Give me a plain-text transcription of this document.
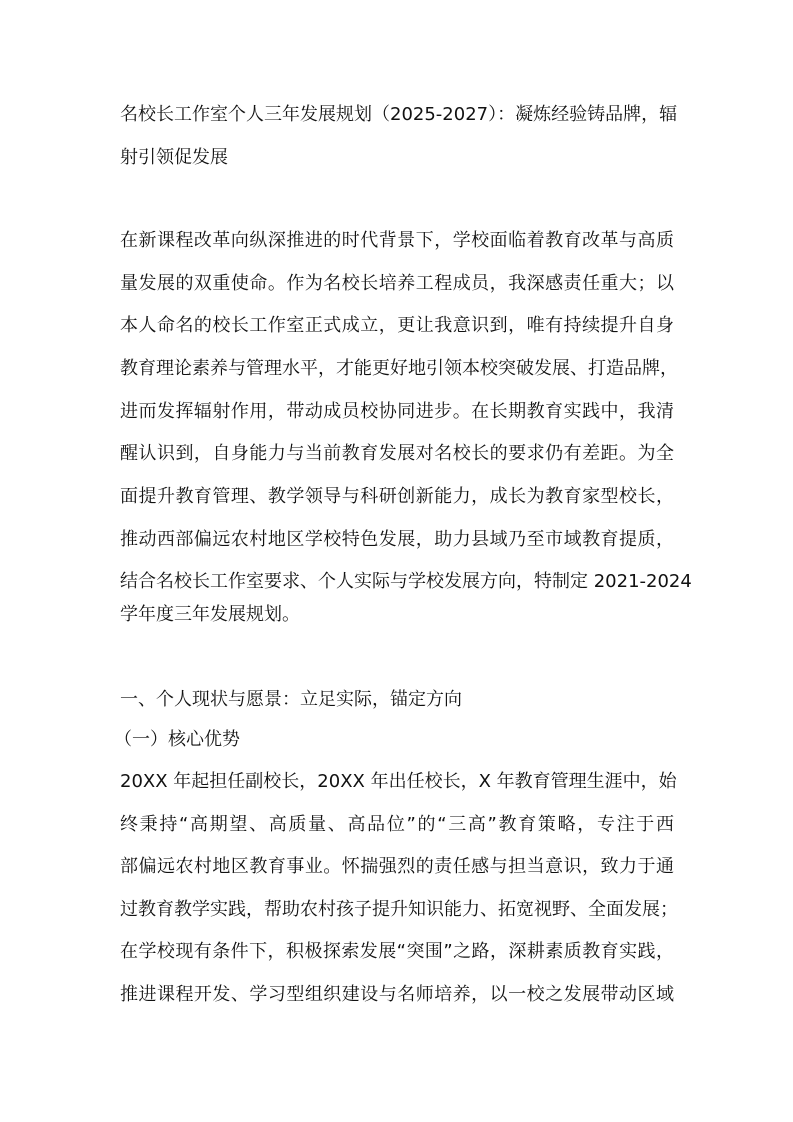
名校长工作室个人三年发展规划（2025-2027）：凝炼经验铸品牌，辐
射引领促发展
在新课程改革向纵深推进的时代背景下，学校面临着教育改革与高质
量发展的双重使命。作为名校长培养工程成员，我深感责任重大；以
本人命名的校长工作室正式成立，更让我意识到，唯有持续提升自身
教育理论素养与管理水平，才能更好地引领本校突破发展、打造品牌，
进而发挥辐射作用，带动成员校协同进步。在长期教育实践中，我清
醒认识到，自身能力与当前教育发展对名校长的要求仍有差距。为全
面提升教育管理、教学领导与科研创新能力，成长为教育家型校长，
推动西部偏远农村地区学校特色发展，助力县域乃至市域教育提质，
结合名校长工作室要求、个人实际与学校发展方向，特制定 2021-2024
学年度三年发展规划。
一、个人现状与愿景：立足实际，锚定方向
（一）核心优势
20XX 年起担任副校长，20XX 年出任校长，X 年教育管理生涯中，始
终秉持“高期望、高质量、高品位”的“三高”教育策略，专注于西
部偏远农村地区教育事业。怀揣强烈的责任感与担当意识，致力于通
过教育教学实践，帮助农村孩子提升知识能力、拓宽视野、全面发展；
在学校现有条件下，积极探索发展“突围”之路，深耕素质教育实践，
推进课程开发、学习型组织建设与名师培养，以一校之发展带动区域
